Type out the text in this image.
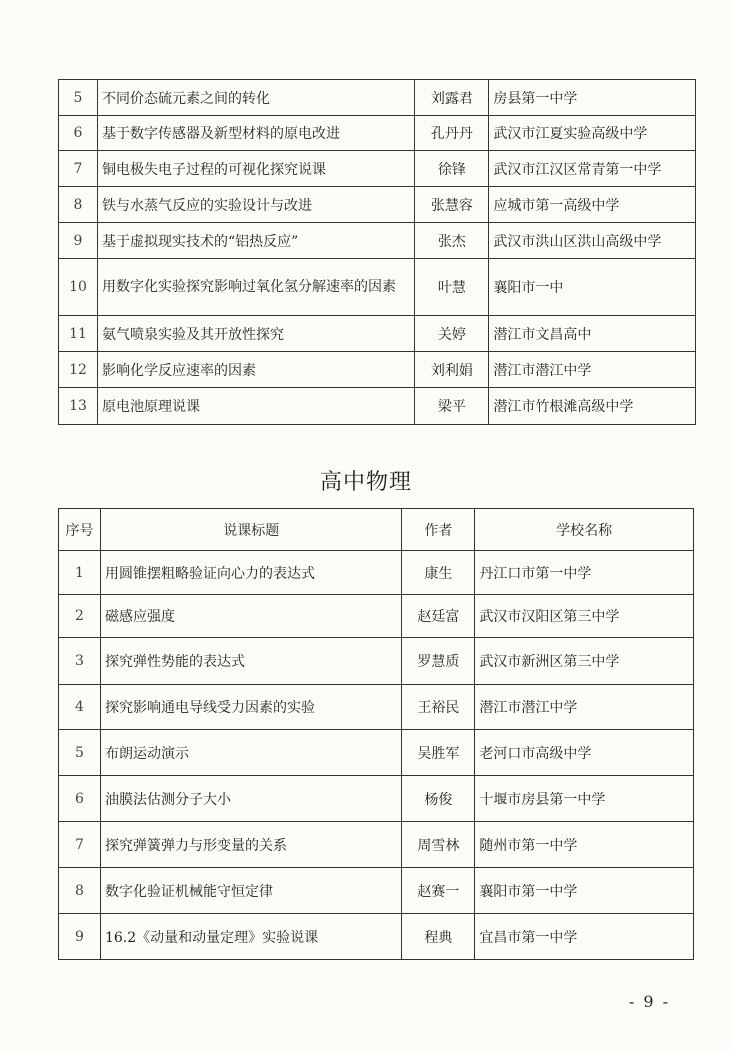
5	不同价态硫元素之间的转化	刘露君	房县第一中学
6	基于数字传感器及新型材料的原电改进	孔丹丹	武汉市江夏实验高级中学
7	铜电极失电子过程的可视化探究说课	徐锋	武汉市江汉区常青第一中学
8	铁与水蒸气反应的实验设计与改进	张慧容	应城市第一高级中学
9	基于虚拟现实技术的“铝热反应”	张杰	武汉市洪山区洪山高级中学
10	用数字化实验探究影响过氧化氢分解速率的因素	叶慧	襄阳市一中
11	氨气喷泉实验及其开放性探究	关婷	潜江市文昌高中
12	影响化学反应速率的因素	刘利娟	潜江市潜江中学
13	原电池原理说课	梁平	潜江市竹根滩高级中学
高中物理
序号	说课标题	作者	学校名称
1	用圆锥摆粗略验证向心力的表达式	康生	丹江口市第一中学
2	磁感应强度	赵廷富	武汉市汉阳区第三中学
3	探究弹性势能的表达式	罗慧质	武汉市新洲区第三中学
4	探究影响通电导线受力因素的实验	王裕民	潜江市潜江中学
5	布朗运动演示	吴胜军	老河口市高级中学
6	油膜法估测分子大小	杨俊	十堰市房县第一中学
7	探究弹簧弹力与形变量的关系	周雪林	随州市第一中学
8	数字化验证机械能守恒定律	赵赛一	襄阳市第一中学
9	16.2《动量和动量定理》实验说课	程典	宜昌市第一中学
- 9 -
